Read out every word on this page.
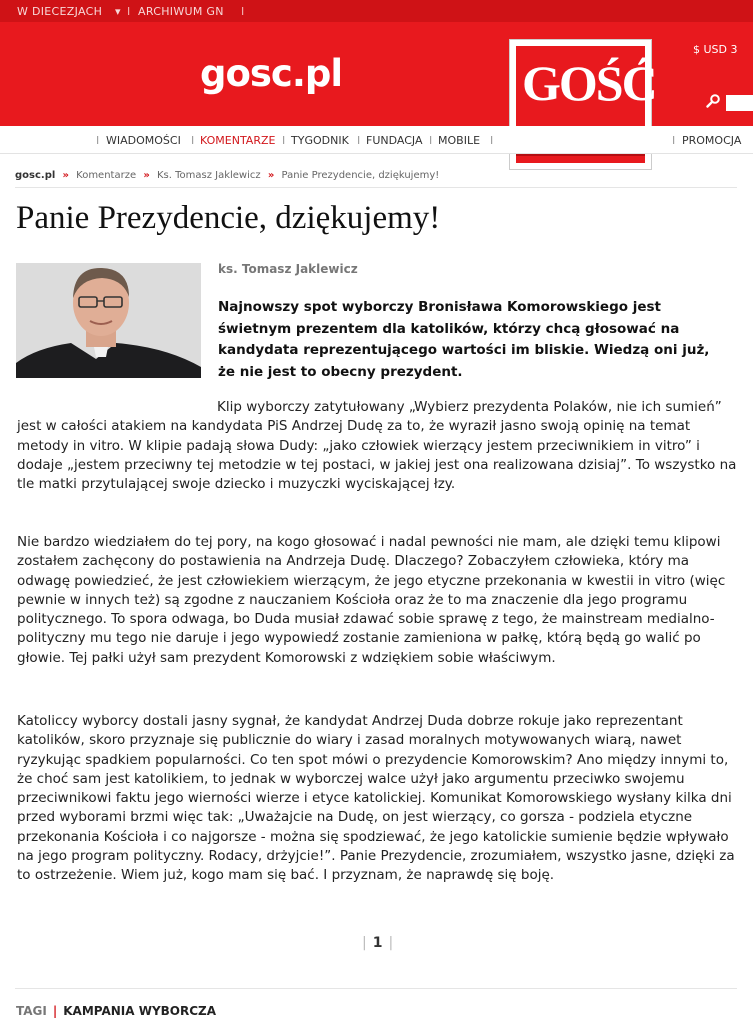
W DIECEZJACH ▾ I ARCHIWUM GN I
gosc.pl	GOŚĆ
$ USD 3
I WIADOMOŚCI I KOMENTARZE I TYGODNIK I FUNDACJA I MOBILE I	I PROMOCJA
gosc.pl » Komentarze » Ks. Tomasz Jaklewicz » Panie Prezydencie, dziękujemy!
Panie Prezydencie, dziękujemy!
ks. Tomasz Jaklewicz

Najnowszy spot wyborczy Bronisława Komorowskiego jest świetnym prezentem dla katolików, którzy chcą głosować na kandydata reprezentującego wartości im bliskie. Wiedzą oni już, że nie jest to obecny prezydent.

Klip wyborczy zatytułowany „Wybierz prezydenta Polaków, nie ich sumień” jest w całości atakiem na kandydata PiS Andrzej Dudę za to, że wyraził jasno swoją opinię na temat metody in vitro. W klipie padają słowa Dudy: „jako człowiek wierzący jestem przeciwnikiem in vitro” i dodaje „jestem przeciwny tej metodzie w tej postaci, w jakiej jest ona realizowana dzisiaj”. To wszystko na tle matki przytulającej swoje dziecko i muzyczki wyciskającej łzy.

Nie bardzo wiedziałem do tej pory, na kogo głosować i nadal pewności nie mam, ale dzięki temu klipowi zostałem zachęcony do postawienia na Andrzeja Dudę. Dlaczego? Zobaczyłem człowieka, który ma odwagę powiedzieć, że jest człowiekiem wierzącym, że jego etyczne przekonania w kwestii in vitro (więc pewnie w innych też) są zgodne z nauczaniem Kościoła oraz że to ma znaczenie dla jego programu politycznego. To spora odwaga, bo Duda musiał zdawać sobie sprawę z tego, że mainstream medialno-polityczny mu tego nie daruje i jego wypowiedź zostanie zamieniona w pałkę, którą będą go walić po głowie. Tej pałki użył sam prezydent Komorowski z wdziękiem sobie właściwym.

Katoliccy wyborcy dostali jasny sygnał, że kandydat Andrzej Duda dobrze rokuje jako reprezentant katolików, skoro przyznaje się publicznie do wiary i zasad moralnych motywowanych wiarą, nawet ryzykując spadkiem popularności. Co ten spot mówi o prezydencie Komorowskim? Ano między innymi to, że choć sam jest katolikiem, to jednak w wyborczej walce użył jako argumentu przeciwko swojemu przeciwnikowi faktu jego wierności wierze i etyce katolickiej. Komunikat Komorowskiego wysłany kilka dni przed wyborami brzmi więc tak: „Uważajcie na Dudę, on jest wierzący, co gorsza - podziela etyczne przekonania Kościoła i co najgorsze - można się spodziewać, że jego katolickie sumienie będzie wpływało na jego program polityczny. Rodacy, drżyjcie!”. Panie Prezydencie, zrozumiałem, wszystko jasne, dzięki za to ostrzeżenie. Wiem już, kogo mam się bać. I przyznam, że naprawdę się boję.

| 1 |
TAGI | KAMPANIA WYBORCZA
